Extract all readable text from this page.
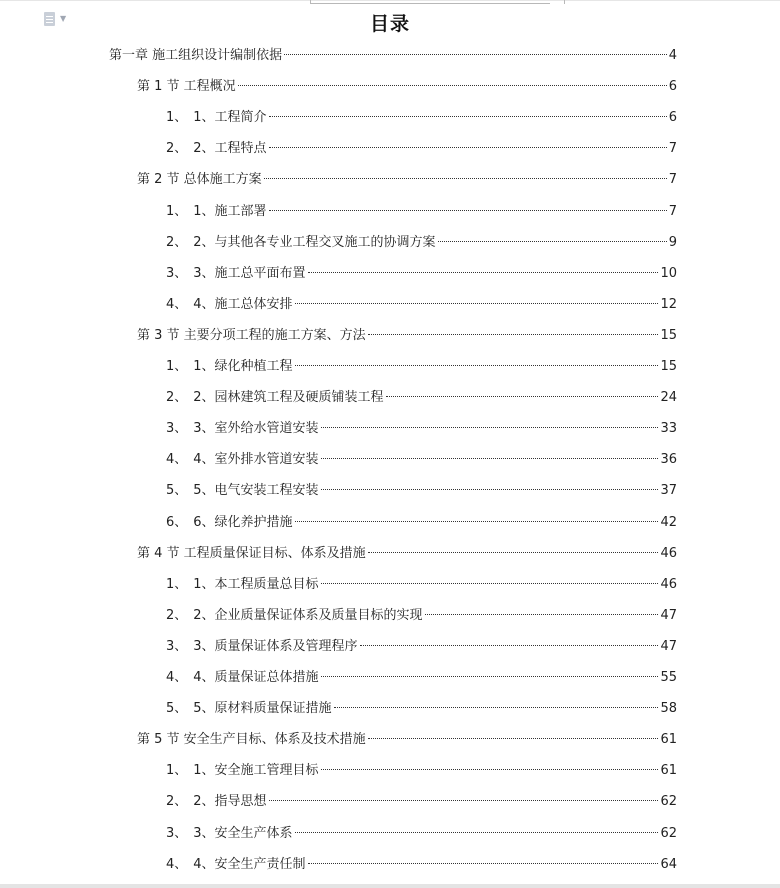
▼	目录
第一章 施工组织设计编制依据	4
第 1 节 工程概况	6
1、 1、工程简介	6
2、 2、工程特点	7
第 2 节 总体施工方案	7
1、 1、施工部署	7
2、 2、与其他各专业工程交叉施工的协调方案	9
3、 3、施工总平面布置	10
4、 4、施工总体安排	12
第 3 节 主要分项工程的施工方案、方法	15
1、 1、绿化种植工程	15
2、 2、园林建筑工程及硬质铺装工程	24
3、 3、室外给水管道安装	33
4、 4、室外排水管道安装	36
5、 5、电气安装工程安装	37
6、 6、绿化养护措施	42
第 4 节 工程质量保证目标、体系及措施	46
1、 1、本工程质量总目标	46
2、 2、企业质量保证体系及质量目标的实现	47
3、 3、质量保证体系及管理程序	47
4、 4、质量保证总体措施	55
5、 5、原材料质量保证措施	58
第 5 节 安全生产目标、体系及技术措施	61
1、 1、安全施工管理目标	61
2、 2、指导思想	62
3、 3、安全生产体系	62
4、 4、安全生产责任制	64
